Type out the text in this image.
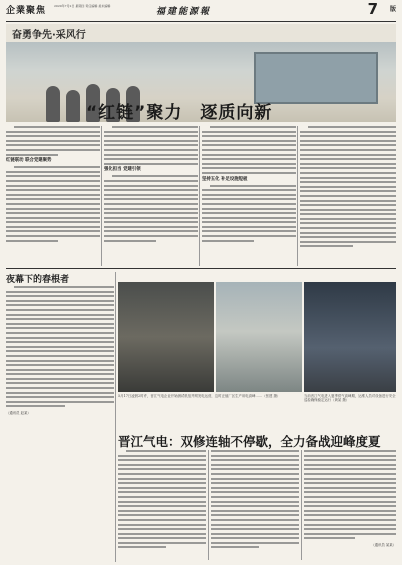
企業聚焦	2020年7月2日 星期四 责任编辑 美术编辑
福建能源報	7 版
奋勇争先·采风行
“红链”聚力　逐质向新
红链联动 联合党建聚势
强化担当 党建引领
坚持五化 补足设施短板
夜幕下的春根者
（通讯员 赵某）
5月17日凌晨2时许，晋江气电企业开始测试机组并网发电运营，这时正值厂区生产用电高峰……（张建 摄）	当前晋江气电进入夏季供气高峰期，运维人员对设备进行安全巡检确保稳定运行（黄某 摄）
晋江气电：双修连轴不停歇，全力备战迎峰度夏
（通讯员 某某）
